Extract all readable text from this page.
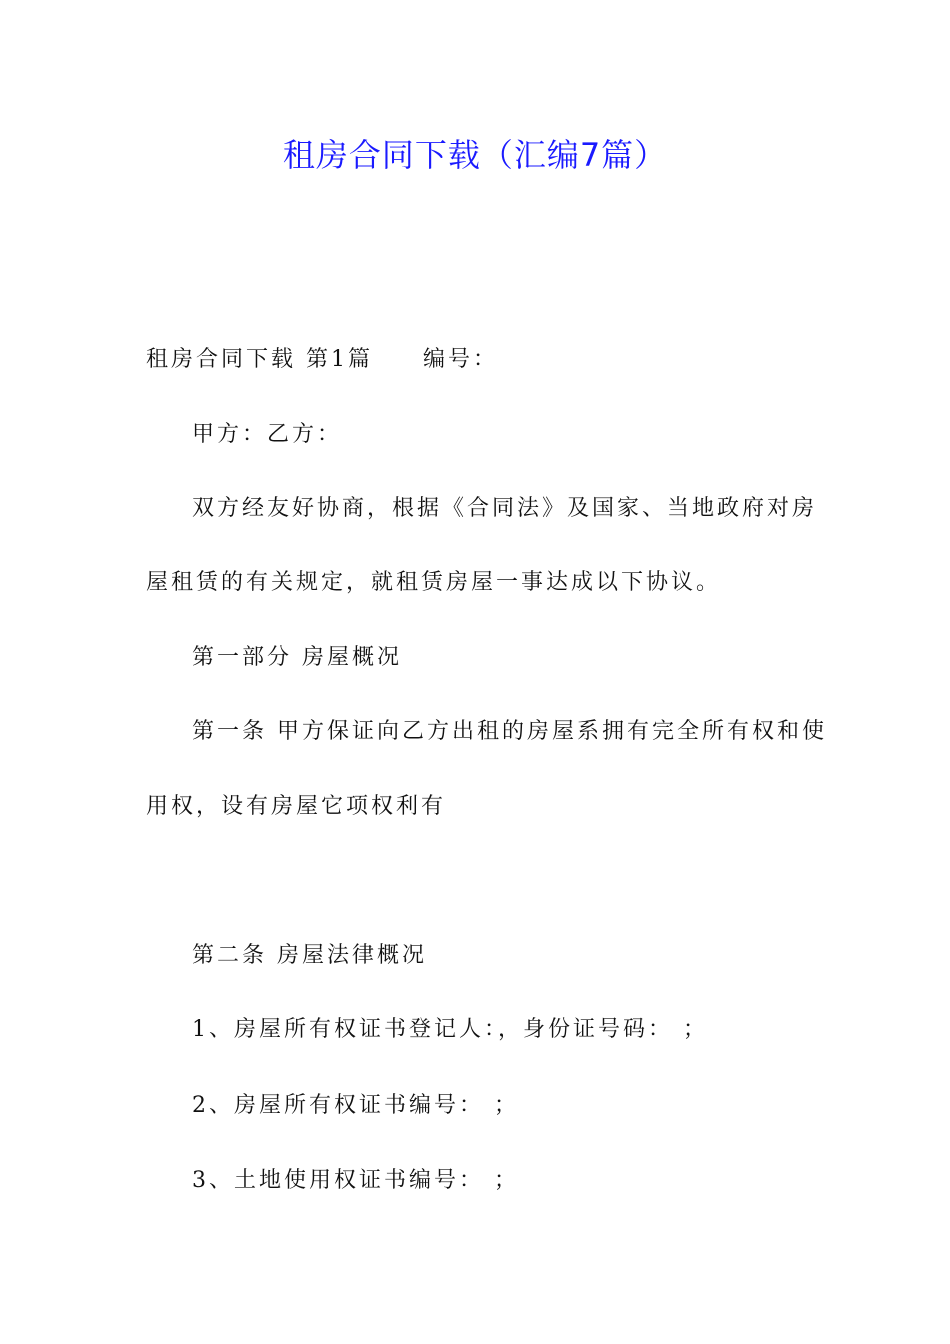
租房合同下载（汇编7篇）
租房合同下载 第1篇 编号：
甲方：乙方：
双方经友好协商，根据《合同法》及国家、当地政府对房
屋租赁的有关规定，就租赁房屋一事达成以下协议。
第一部分 房屋概况
第一条 甲方保证向乙方出租的房屋系拥有完全所有权和使
用权，设有房屋它项权利有
第二条 房屋法律概况
1、房屋所有权证书登记人：，身份证号码： ；
2、房屋所有权证书编号： ；
3、土地使用权证书编号： ；
